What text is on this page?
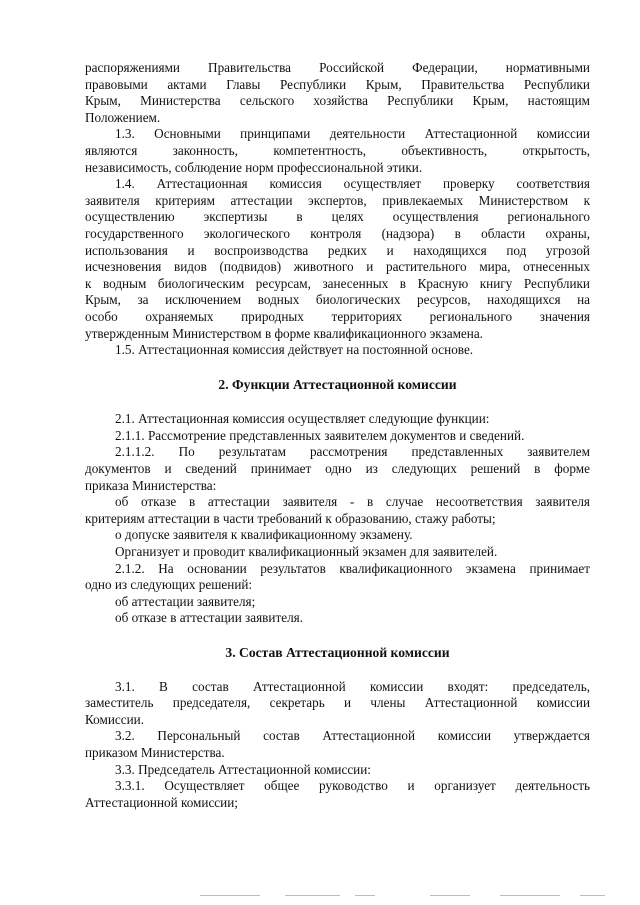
распоряжениями Правительства Российской Федерации, нормативными
правовыми актами Главы Республики Крым, Правительства Республики
Крым, Министерства сельского хозяйства Республики Крым, настоящим
Положением.

1.3. Основными принципами деятельности Аттестационной комиссии
являются законность, компетентность, объективность, открытость,
независимость, соблюдение норм профессиональной этики.

1.4. Аттестационная комиссия осуществляет проверку соответствия
заявителя критериям аттестации экспертов, привлекаемых Министерством к
осуществлению экспертизы в целях осуществления регионального
государственного экологического контроля (надзора) в области охраны,
использования и воспроизводства редких и находящихся под угрозой
исчезновения видов (подвидов) животного и растительного мира, отнесенных
к водным биологическим ресурсам, занесенных в Красную книгу Республики
Крым, за исключением водных биологических ресурсов, находящихся на
особо охраняемых природных территориях регионального значения
утвержденным Министерством в форме квалификационного экзамена.

1.5. Аттестационная комиссия действует на постоянной основе.

2. Функции Аттестационной комиссии

2.1. Аттестационная комиссия осуществляет следующие функции:

2.1.1. Рассмотрение представленных заявителем документов и сведений.

2.1.1.2. По результатам рассмотрения представленных заявителем
документов и сведений принимает одно из следующих решений в форме
приказа Министерства:

об отказе в аттестации заявителя - в случае несоответствия заявителя
критериям аттестации в части требований к образованию, стажу работы;

о допуске заявителя к квалификационному экзамену.

Организует и проводит квалификационный экзамен для заявителей.

2.1.2. На основании результатов квалификационного экзамена принимает
одно из следующих решений:

об аттестации заявителя;

об отказе в аттестации заявителя.

3. Состав Аттестационной комиссии

3.1. В состав Аттестационной комиссии входят: председатель,
заместитель председателя, секретарь и члены Аттестационной комиссии
Комиссии.

3.2. Персональный состав Аттестационной комиссии утверждается
приказом Министерства.

3.3. Председатель Аттестационной комиссии:

3.3.1. Осуществляет общее руководство и организует деятельность
Аттестационной комиссии;
